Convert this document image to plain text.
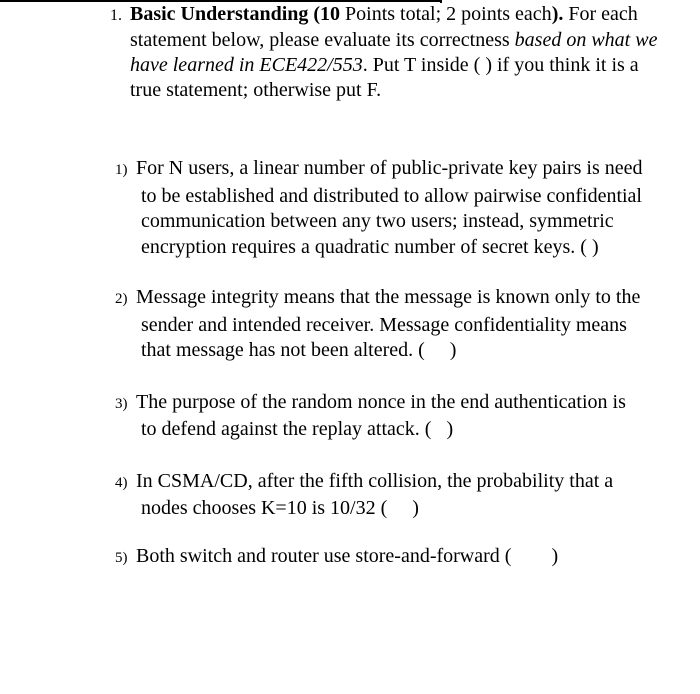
1. Basic Understanding (10 Points total; 2 points each). For each statement below, please evaluate its correctness based on what we have learned in ECE422/553. Put T inside ( ) if you think it is a true statement; otherwise put F.
1) For N users, a linear number of public-private key pairs is need to be established and distributed to allow pairwise confidential communication between any two users; instead, symmetric encryption requires a quadratic number of secret keys. ( )
2) Message integrity means that the message is known only to the sender and intended receiver. Message confidentiality means that message has not been altered. (     )
3) The purpose of the random nonce in the end authentication is to defend against the replay attack. (   )
4) In CSMA/CD, after the fifth collision, the probability that a nodes chooses K=10 is 10/32 (     )
5) Both switch and router use store-and-forward (        )
